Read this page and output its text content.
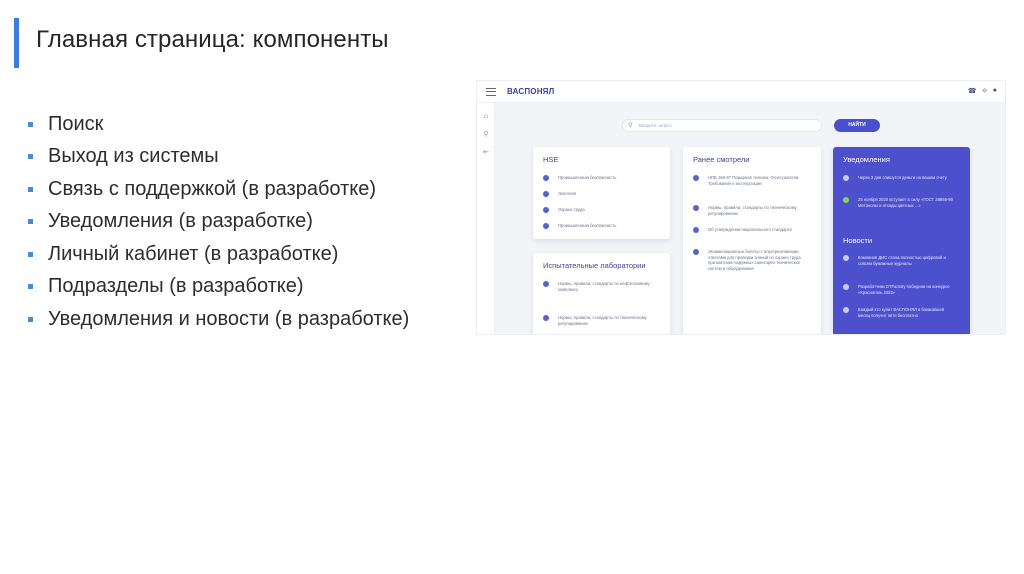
Главная страница: компоненты
Поиск
Выход из системы
Связь с поддержкой (в разработке)
Уведомления (в разработке)
Личный кабинет (в разработке)
Подразделы (в разработке)
Уведомления и новости (в разработке)
ВАСПОНЯЛ	☎ ⚛ ●
⌂
⚲
⇤
⚲ Введите запрос	НАЙТИ
HSE
Промышленная безопасность
Экология
Охрана труда
Промышленная безопасность
Испытательные лаборатории
Нормы, правила, стандарты по нефтегазовому комплексу
Нормы, правила, стандарты по техническому регулированию
Ранее смотрели
НПБ 166-97 Пожарная техника. Огнетушители. Требования к эксплуатации
Нормы, правила, стандарты по техническому регулированию
Об утверждении национального стандарта
Экзаменационные билеты с альтернативными ответами для проверки знаний по охране труда при монтаже наружных санитарно-технических систем и оборудования
Уведомления
Через 3 дня спишутся деньги на вашем счету
25 ноября 2020 вступает в силу «ГОСТ 28868-90 Метанолы и отходы цветных ...»
Новости
Компания ДИС стала полностью цифровой и совсем бумажные журналы
Разработчики DTFactory победили на конкурсе «Красноголь 2022»
Каждый кто купит ВАСПОНЯЛ в ближайшей месяц получит пятя бесплатно
